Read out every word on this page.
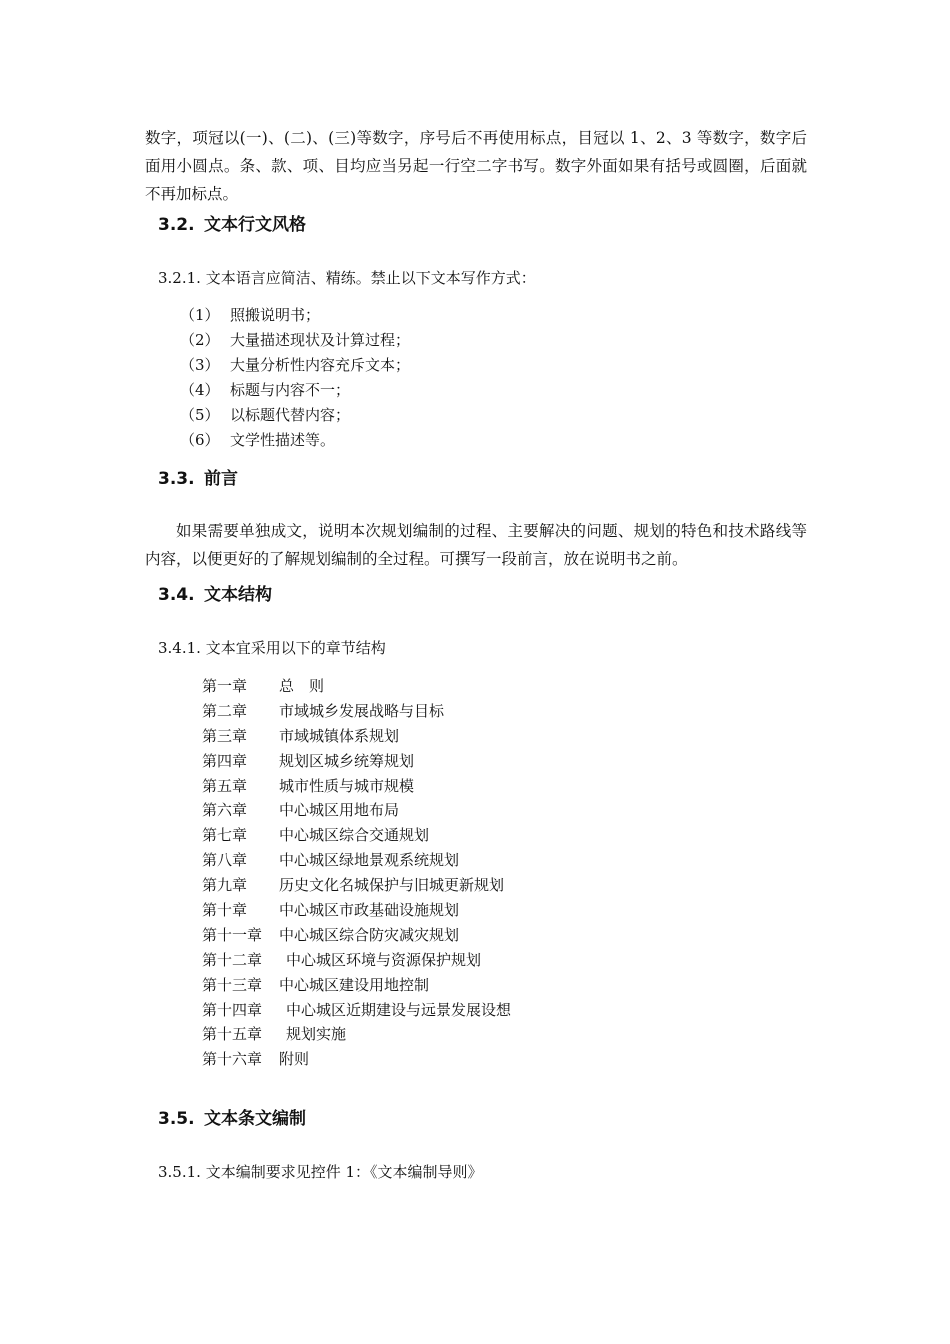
数字，项冠以(一)、(二)、(三)等数字，序号后不再使用标点，目冠以 1、2、3 等数字，数字后面用小圆点。条、款、项、目均应当另起一行空二字书写。数字外面如果有括号或圆圈，后面就不再加标点。

3.2. 文本行文风格
3.2.1. 文本语言应简洁、精练。禁止以下文本写作方式：
（1） 照搬说明书；
（2） 大量描述现状及计算过程；
（3） 大量分析性内容充斥文本；
（4） 标题与内容不一；
（5） 以标题代替内容；
（6） 文学性描述等。
3.3. 前言

如果需要单独成文，说明本次规划编制的过程、主要解决的问题、规划的特色和技术路线等内容，以便更好的了解规划编制的全过程。可撰写一段前言，放在说明书之前。

3.4. 文本结构
3.4.1. 文本宜采用以下的章节结构
第一章 总　则
第二章 市域城乡发展战略与目标
第三章 市域城镇体系规划
第四章 规划区城乡统筹规划
第五章 城市性质与城市规模
第六章 中心城区用地布局
第七章 中心城区综合交通规划
第八章 中心城区绿地景观系统规划
第九章 历史文化名城保护与旧城更新规划
第十章 中心城区市政基础设施规划
第十一章 中心城区综合防灾减灾规划
第十二章 中心城区环境与资源保护规划
第十三章 中心城区建设用地控制
第十四章 中心城区近期建设与远景发展设想
第十五章 规划实施
第十六章 附则
3.5. 文本条文编制
3.5.1. 文本编制要求见控件 1：《文本编制导则》
